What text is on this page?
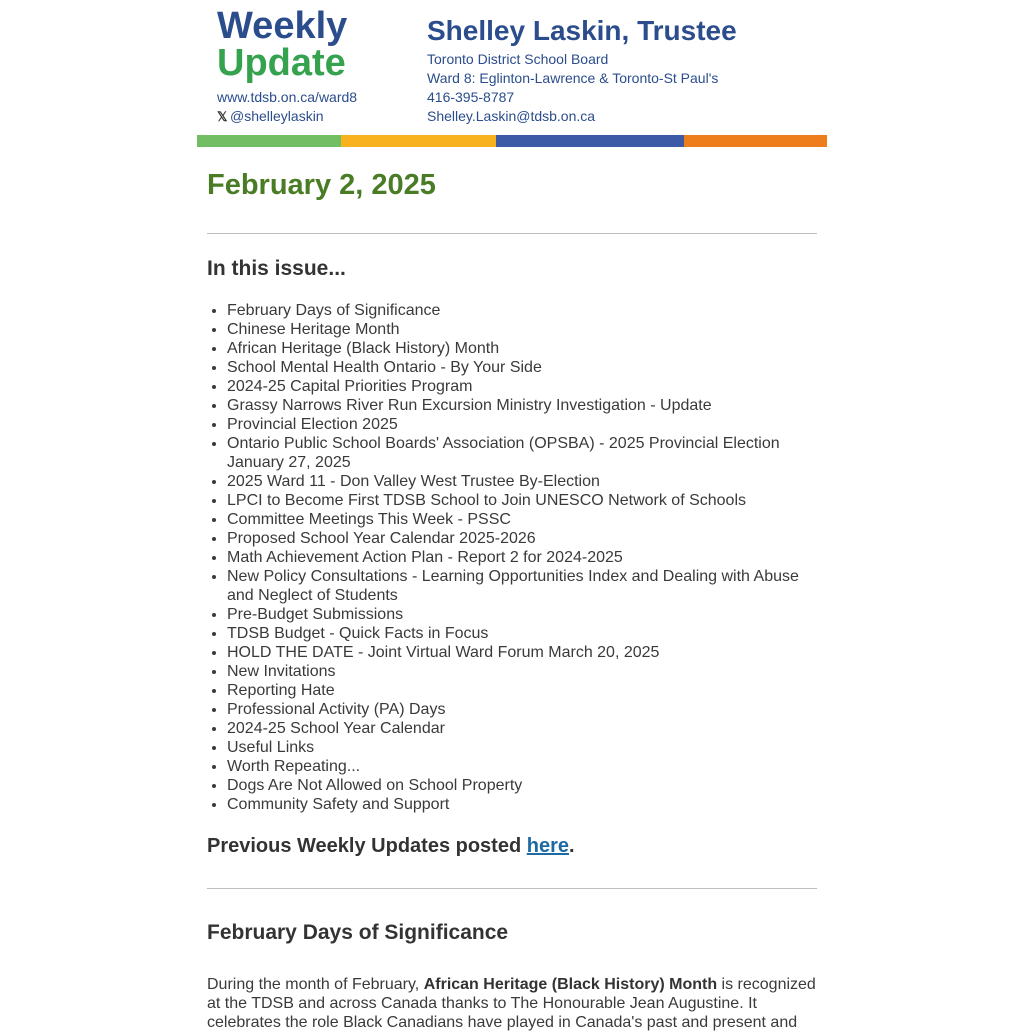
Weekly
Update
www.tdsb.on.ca/ward8
𝕏 @shelleylaskin
Shelley Laskin, Trustee
Toronto District School Board
Ward 8: Eglinton-Lawrence & Toronto-St Paul's
416-395-8787
Shelley.Laskin@tdsb.on.ca
February 2, 2025
In this issue...
• February Days of Significance
• Chinese Heritage Month
• African Heritage (Black History) Month
• School Mental Health Ontario - By Your Side
• 2024-25 Capital Priorities Program
• Grassy Narrows River Run Excursion Ministry Investigation - Update
• Provincial Election 2025
• Ontario Public School Boards' Association (OPSBA) - 2025 Provincial Election January 27, 2025
• 2025 Ward 11 - Don Valley West Trustee By-Election
• LPCI to Become First TDSB School to Join UNESCO Network of Schools
• Committee Meetings This Week - PSSC
• Proposed School Year Calendar 2025-2026
• Math Achievement Action Plan - Report 2 for 2024-2025
• New Policy Consultations - Learning Opportunities Index and Dealing with Abuse and Neglect of Students
• Pre-Budget Submissions
• TDSB Budget - Quick Facts in Focus
• HOLD THE DATE - Joint Virtual Ward Forum March 20, 2025
• New Invitations
• Reporting Hate
• Professional Activity (PA) Days
• 2024-25 School Year Calendar
• Useful Links
• Worth Repeating...
• Dogs Are Not Allowed on School Property
• Community Safety and Support

Previous Weekly Updates posted here.

February Days of Significance

During the month of February, African Heritage (Black History) Month is recognized at the TDSB and across Canada thanks to The Honourable Jean Augustine. It celebrates the role Black Canadians have played in Canada's past and present and
